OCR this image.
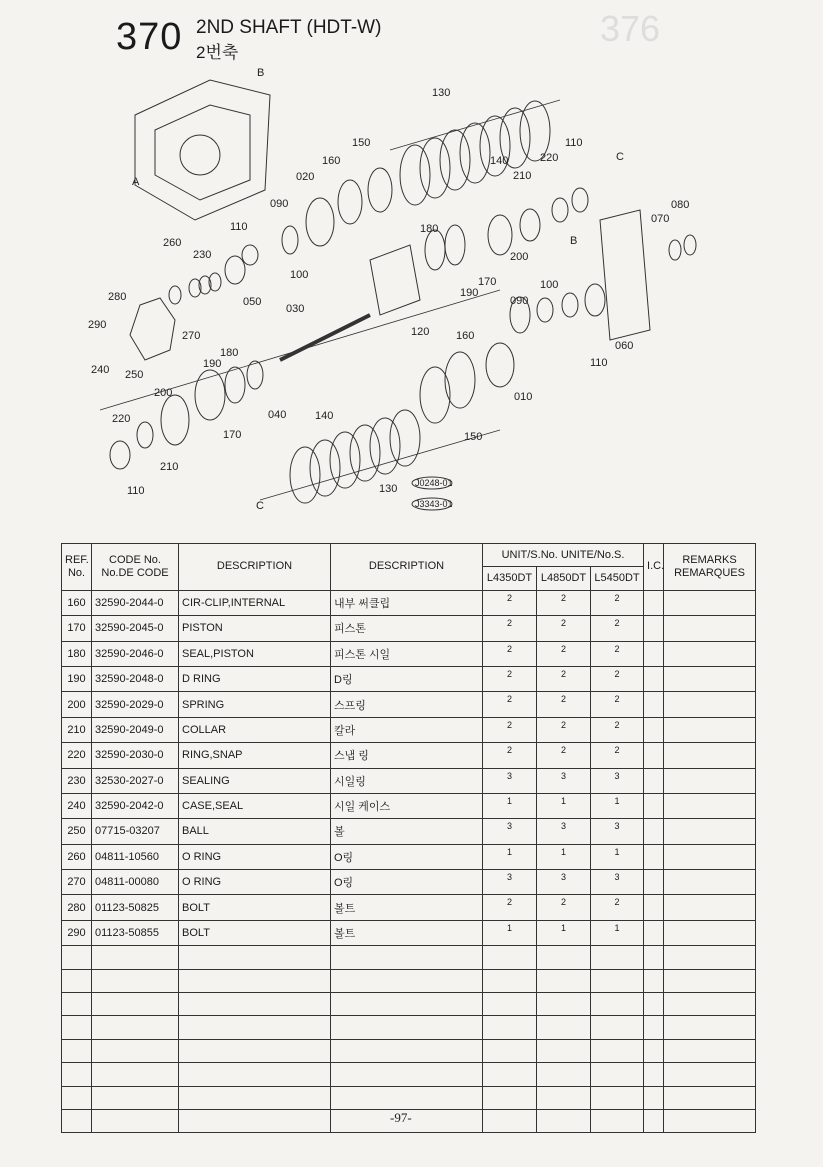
376
370 2ND SHAFT (HDT-W)
2번축
130
150
160	140	220
110
020	210
090
180
110
230
260
200
280
100
050
070
080
030
120
190
170	100
090
290
270
240 250
180
190
200
160
060
110
010
220	140
170
210
150
110	130
B
A
C
B
C
040
J0248-01
J3343-01
REF. No.	CODE No. No.DE CODE	DESCRIPTION	DESCRIPTION	UNIT/S.No. UNITE/No.S.			I.C.	REMARKS REMARQUES
				L4350DT	L4850DT	L5450DT		
160	32590-2044-0	CIR-CLIP,INTERNAL	내부 써클립	2	2	2		
170	32590-2045-0	PISTON	피스톤	2	2	2		
180	32590-2046-0	SEAL,PISTON	피스톤 시일	2	2	2		
190	32590-2048-0	D RING	D링	2	2	2		
200	32590-2029-0	SPRING	스프링	2	2	2		
210	32590-2049-0	COLLAR	칼라	2	2	2		
220	32590-2030-0	RING,SNAP	스냅 링	2	2	2		
230	32530-2027-0	SEALING	시일링	3	3	3		
240	32590-2042-0	CASE,SEAL	시일 케이스	1	1	1		
250	07715-03207	BALL	볼	3	3	3		
260	04811-10560	O RING	O링	1	1	1		
270	04811-00080	O RING	O링	3	3	3		
280	01123-50825	BOLT	볼트	2	2	2		
290	01123-50855	BOLT	볼트	1	1	1		

-97-
